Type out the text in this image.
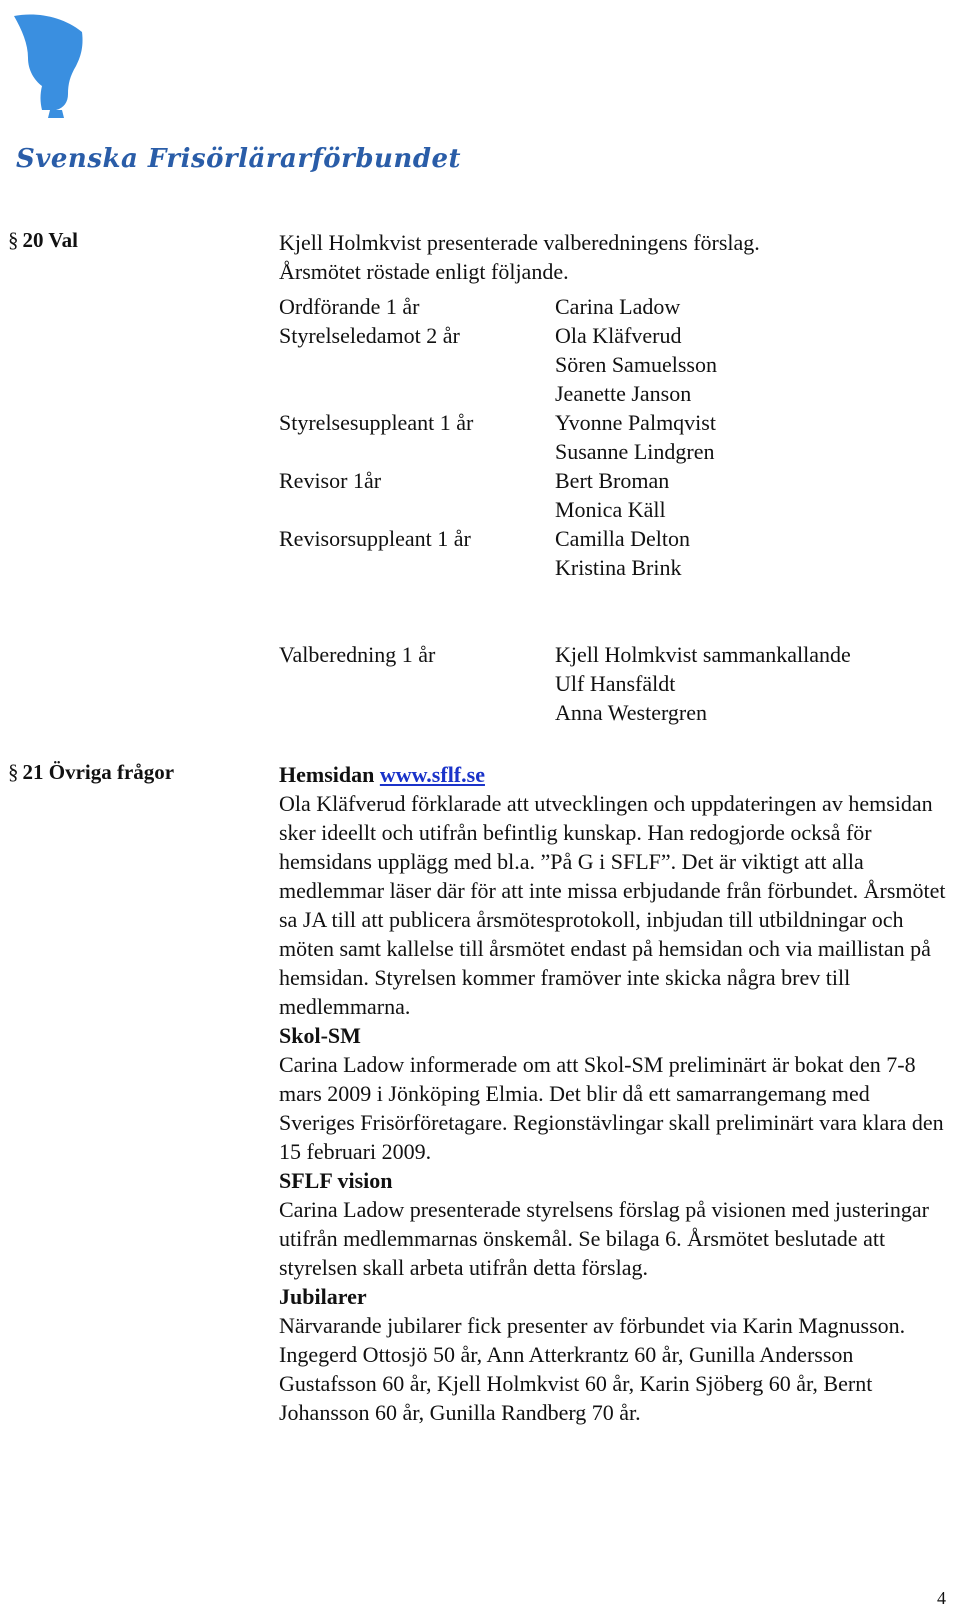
Svenska Frisörlärarförbundet
§ 20 Val	Kjell Holmkvist presenterade valberedningens förslag.
Årsmötet röstade enligt följande.
Ordförande 1 år	Carina Ladow
Styrelseledamot 2 år	Ola Kläfverud
Sören Samuelsson
Jeanette Janson
Styrelsesuppleant 1 år	Yvonne Palmqvist
Susanne Lindgren
Revisor 1år	Bert Broman
Monica Käll
Revisorsuppleant 1 år	Camilla Delton
Kristina Brink
Valberedning 1 år	Kjell Holmkvist sammankallande
Ulf Hansfäldt
Anna Westergren
§ 21 Övriga frågor	Hemsidan www.sflf.se
Ola Kläfverud förklarade att utvecklingen och uppdateringen av hemsidan sker ideellt och utifrån befintlig kunskap. Han redogjorde också för hemsidans upplägg med bl.a. ”På G i SFLF”. Det är viktigt att alla medlemmar läser där för att inte missa erbjudande från förbundet. Årsmötet sa JA till att publicera årsmötesprotokoll, inbjudan till utbildningar och möten samt kallelse till årsmötet endast på hemsidan och via maillistan på hemsidan. Styrelsen kommer framöver inte skicka några brev till medlemmarna.
Skol-SM
Carina Ladow informerade om att Skol-SM preliminärt är bokat den 7-8 mars 2009 i Jönköping Elmia. Det blir då ett samarrangemang med Sveriges Frisörföretagare. Regionstävlingar skall preliminärt vara klara den 15 februari 2009.
SFLF vision
Carina Ladow presenterade styrelsens förslag på visionen med justeringar utifrån medlemmarnas önskemål. Se bilaga 6. Årsmötet beslutade att styrelsen skall arbeta utifrån detta förslag.
Jubilarer
Närvarande jubilarer fick presenter av förbundet via Karin Magnusson. Ingegerd Ottosjö 50 år, Ann Atterkrantz 60 år, Gunilla Andersson Gustafsson 60 år, Kjell Holmkvist 60 år, Karin Sjöberg 60 år, Bernt Johansson 60 år, Gunilla Randberg 70 år.
4
